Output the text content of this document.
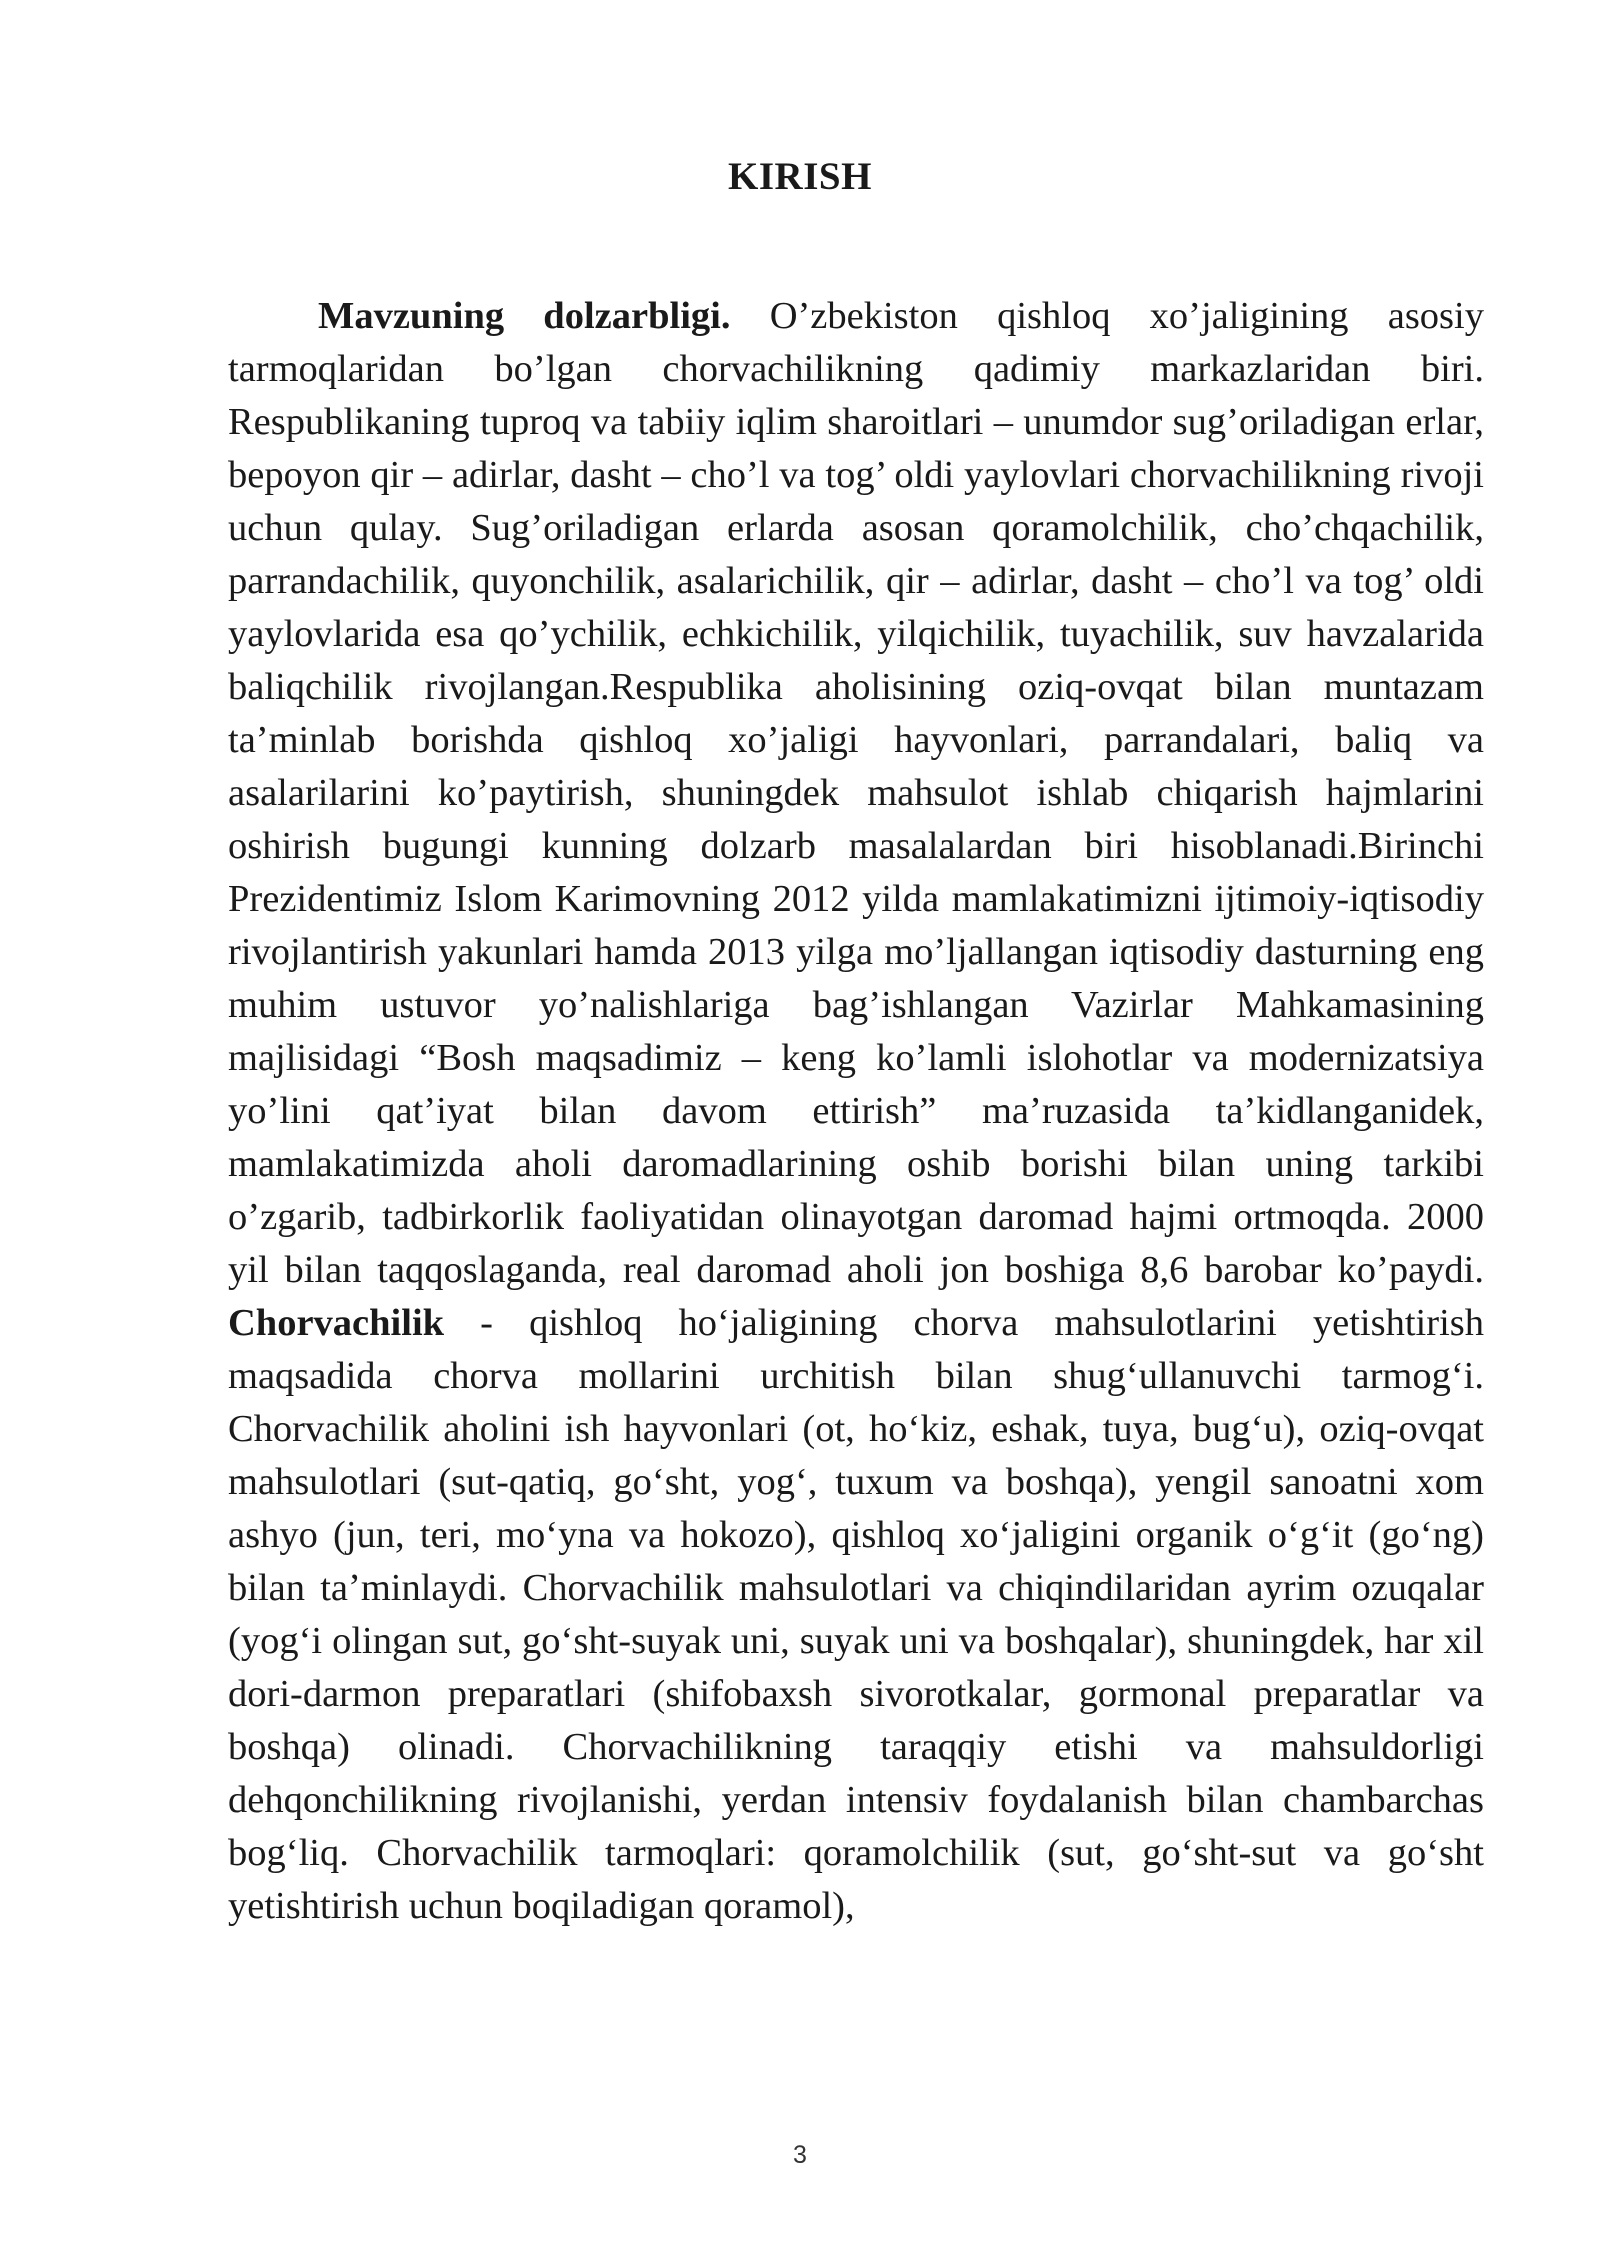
KIRISH

Mavzuning dolzarbligi. O’zbekiston qishloq xo’jaligining asosiy tarmoqlaridan bo’lgan chorvachilikning qadimiy markazlaridan biri. Respublikaning tuproq va tabiiy iqlim sharoitlari – unumdor sug’oriladigan erlar, bepoyon qir – adirlar, dasht – cho’l va tog’ oldi yaylovlari chorvachilikning rivoji uchun qulay. Sug’oriladigan erlarda asosan qoramolchilik, cho’chqachilik, parrandachilik, quyonchilik, asalarichilik, qir – adirlar, dasht – cho’l va tog’ oldi yaylovlarida esa qo’ychilik, echkichilik, yilqichilik, tuyachilik, suv havzalarida baliqchilik rivojlangan.Respublika aholisining oziq-ovqat bilan muntazam ta’minlab borishda qishloq xo’jaligi hayvonlari, parrandalari, baliq va asalarilarini ko’paytirish, shuningdek mahsulot ishlab chiqarish hajmlarini oshirish bugungi kunning dolzarb masalalardan biri hisoblanadi.Birinchi Prezidentimiz Islom Karimovning 2012 yilda mamlakatimizni ijtimoiy-iqtisodiy rivojlantirish yakunlari hamda 2013 yilga mo’ljallangan iqtisodiy dasturning eng muhim ustuvor yo’nalishlariga bag’ishlangan Vazirlar Mahkamasining majlisidagi “Bosh maqsadimiz – keng ko’lamli islohotlar va modernizatsiya yo’lini qat’iyat bilan davom ettirish” ma’ruzasida ta’kidlanganidek, mamlakatimizda aholi daromadlarining oshib borishi bilan uning tarkibi o’zgarib, tadbirkorlik faoliyatidan olinayotgan daromad hajmi ortmoqda. 2000 yil bilan taqqoslaganda, real daromad aholi jon boshiga 8,6 barobar ko’paydi. Chorvachilik - qishloq hoʻjaligining chorva mahsulotlarini yetishtirish maqsadida chorva mollarini urchitish bilan shugʻullanuvchi tarmogʻi. Chorvachilik aholini ish hayvonlari (ot, hoʻkiz, eshak, tuya, bugʻu), oziq-ovqat mahsulotlari (sut-qatiq, goʻsht, yogʻ, tuxum va boshqa), yengil sanoatni xom ashyo (jun, teri, moʻyna va hokozo), qishloq xoʻjaligini organik oʻgʻit (goʻng) bilan taʼminlaydi. Chorvachilik mahsulotlari va chiqindilaridan ayrim ozuqalar (yogʻi olingan sut, goʻsht-suyak uni, suyak uni va boshqalar), shuningdek, har xil dori-darmon preparatlari (shifobaxsh sivorotkalar, gormonal preparatlar va boshqa) olinadi. Chorvachilikning taraqqiy etishi va mahsuldorligi dehqonchilikning rivojlanishi, yerdan intensiv foydalanish bilan chambarchas bogʻliq. Chorvachilik tarmoqlari: qoramolchilik (sut, goʻsht-sut va goʻsht yetishtirish uchun boqiladigan qoramol),

3
